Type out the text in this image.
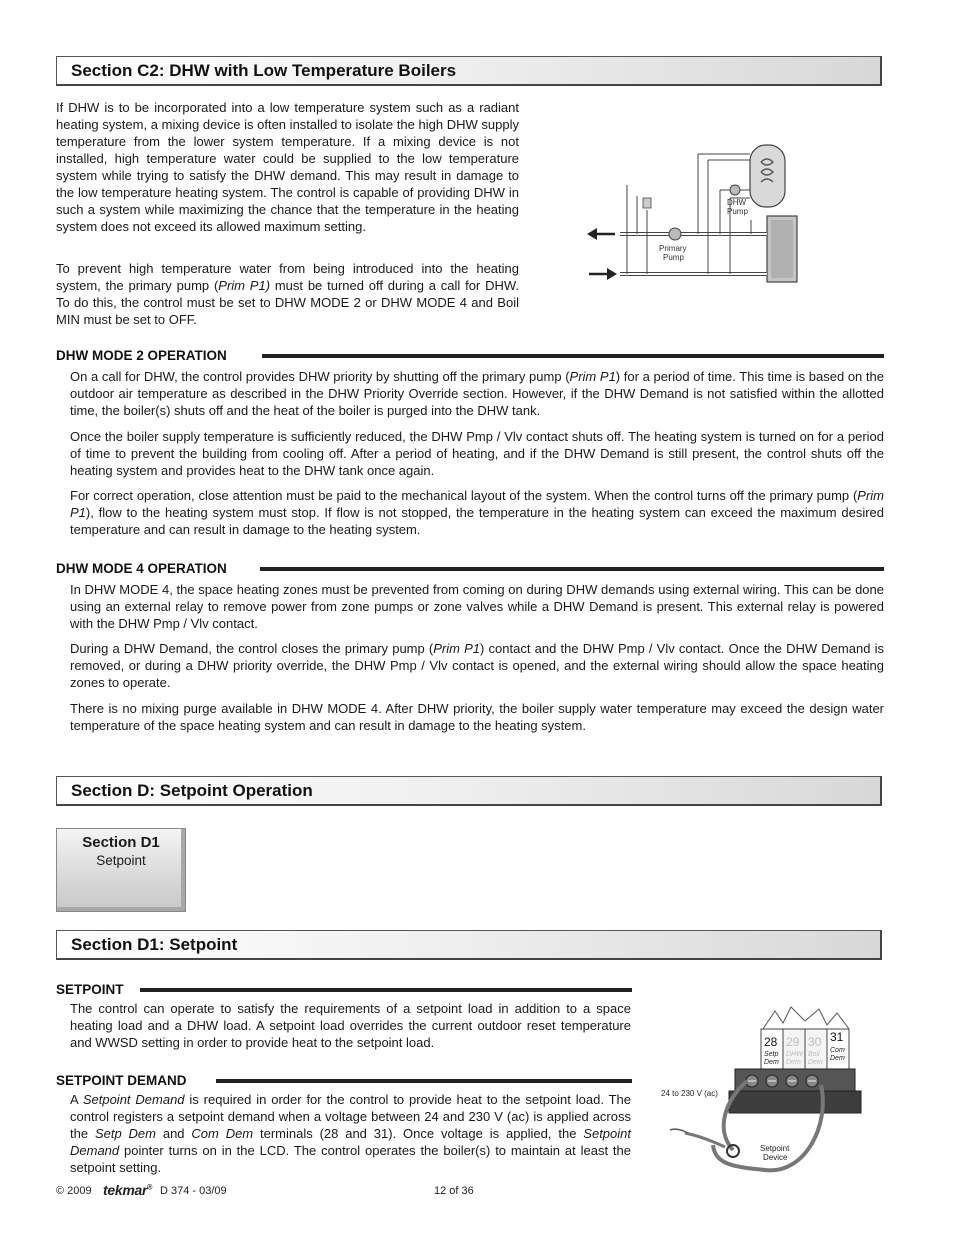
Section C2: DHW with Low Temperature Boilers
If DHW is to be incorporated into a low temperature system such as a radiant heating system, a mixing device is often installed to isolate the high DHW supply temperature from the lower system temperature. If a mixing device is not installed, high temperature water could be supplied to the low temperature system while trying to satisfy the DHW demand. This may result in damage to the low temperature heating system. The control is capable of providing DHW in such a system while maximizing the chance that the temperature in the heating system does not exceed its allowed maximum setting.
To prevent high temperature water from being introduced into the heating system, the primary pump (Prim P1) must be turned off during a call for DHW. To do this, the control must be set to DHW MODE 2 or DHW MODE 4 and Boil MIN must be set to OFF.
DHW
Pump
Primary
Pump
DHW MODE 2 OPERATION
On a call for DHW, the control provides DHW priority by shutting off the primary pump (Prim P1) for a period of time. This time is based on the outdoor air temperature as described in the DHW Priority Override section. However, if the DHW Demand is not satisfied within the allotted time, the boiler(s) shuts off and the heat of the boiler is purged into the DHW tank.
Once the boiler supply temperature is sufficiently reduced, the DHW Pmp / Vlv contact shuts off. The heating system is turned on for a period of time to prevent the building from cooling off. After a period of heating, and if the DHW Demand is still present, the control shuts off the heating system and provides heat to the DHW tank once again.
For correct operation, close attention must be paid to the mechanical layout of the system. When the control turns off the primary pump (Prim P1), flow to the heating system must stop. If flow is not stopped, the temperature in the heating system can exceed the maximum desired temperature and can result in damage to the heating system.
DHW MODE 4 OPERATION
In DHW MODE 4, the space heating zones must be prevented from coming on during DHW demands using external wiring. This can be done using an external relay to remove power from zone pumps or zone valves while a DHW Demand is present. This external relay is powered with the DHW Pmp / Vlv contact.
During a DHW Demand, the control closes the primary pump (Prim P1) contact and the DHW Pmp / Vlv contact. Once the DHW Demand is removed, or during a DHW priority override, the DHW Pmp / Vlv contact is opened, and the external wiring should allow the space heating zones to operate.
There is no mixing purge available in DHW MODE 4. After DHW priority, the boiler supply water temperature may exceed the design water temperature of the space heating system and can result in damage to the heating system.
Section D: Setpoint Operation
Section D1
Setpoint
Section D1: Setpoint
SETPOINT
The control can operate to satisfy the requirements of a setpoint load in addition to a space heating load and a DHW load. A setpoint load overrides the current outdoor reset temperature and WWSD setting in order to provide heat to the setpoint load.
SETPOINT DEMAND
A Setpoint Demand is required in order for the control to provide heat to the setpoint load. The control registers a setpoint demand when a voltage between 24 and 230 V (ac) is applied across the Setp Dem and Com Dem terminals (28 and 31). Once voltage is applied, the Setpoint Demand pointer turns on in the LCD. The control operates the boiler(s) to maintain at least the setpoint setting.
28
Setp
Dem
29
DHW
Dem
30
Boil
Dem
31
Com
Dem
24 to 230 V (ac)
Setpoint
Device
© 2009 tekmar® D 374 - 03/09	12 of 36
